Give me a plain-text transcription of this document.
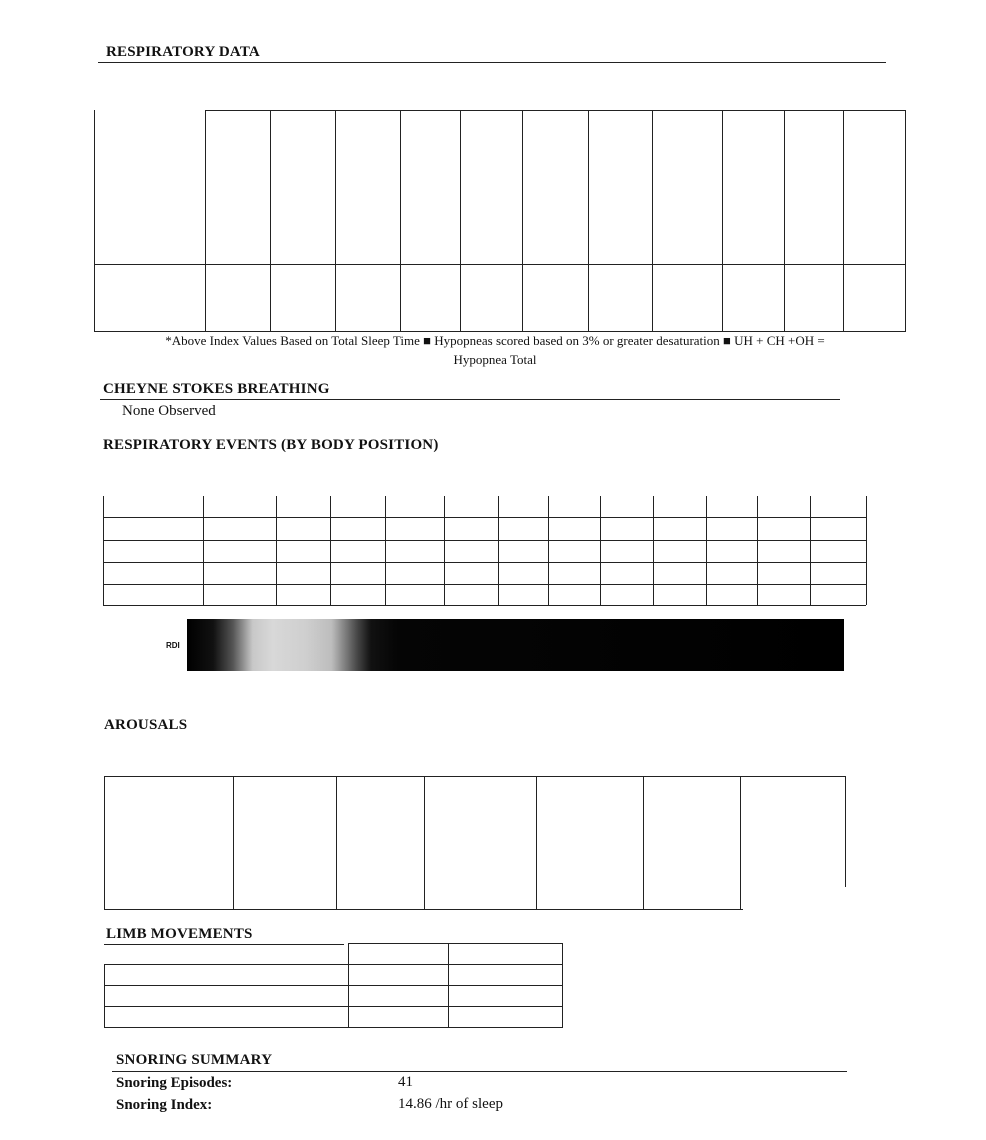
RESPIRATORY DATA
*Above Index Values Based on Total Sleep Time ■ Hypopneas scored based on 3% or greater desaturation ■ UH + CH +OH =
Hypopnea Total
CHEYNE STOKES BREATHING
None Observed
RESPIRATORY EVENTS (BY BODY POSITION)
RDI
AROUSALS
LIMB MOVEMENTS
SNORING SUMMARY
Snoring Episodes:	41
Snoring Index:	14.86 /hr of sleep
